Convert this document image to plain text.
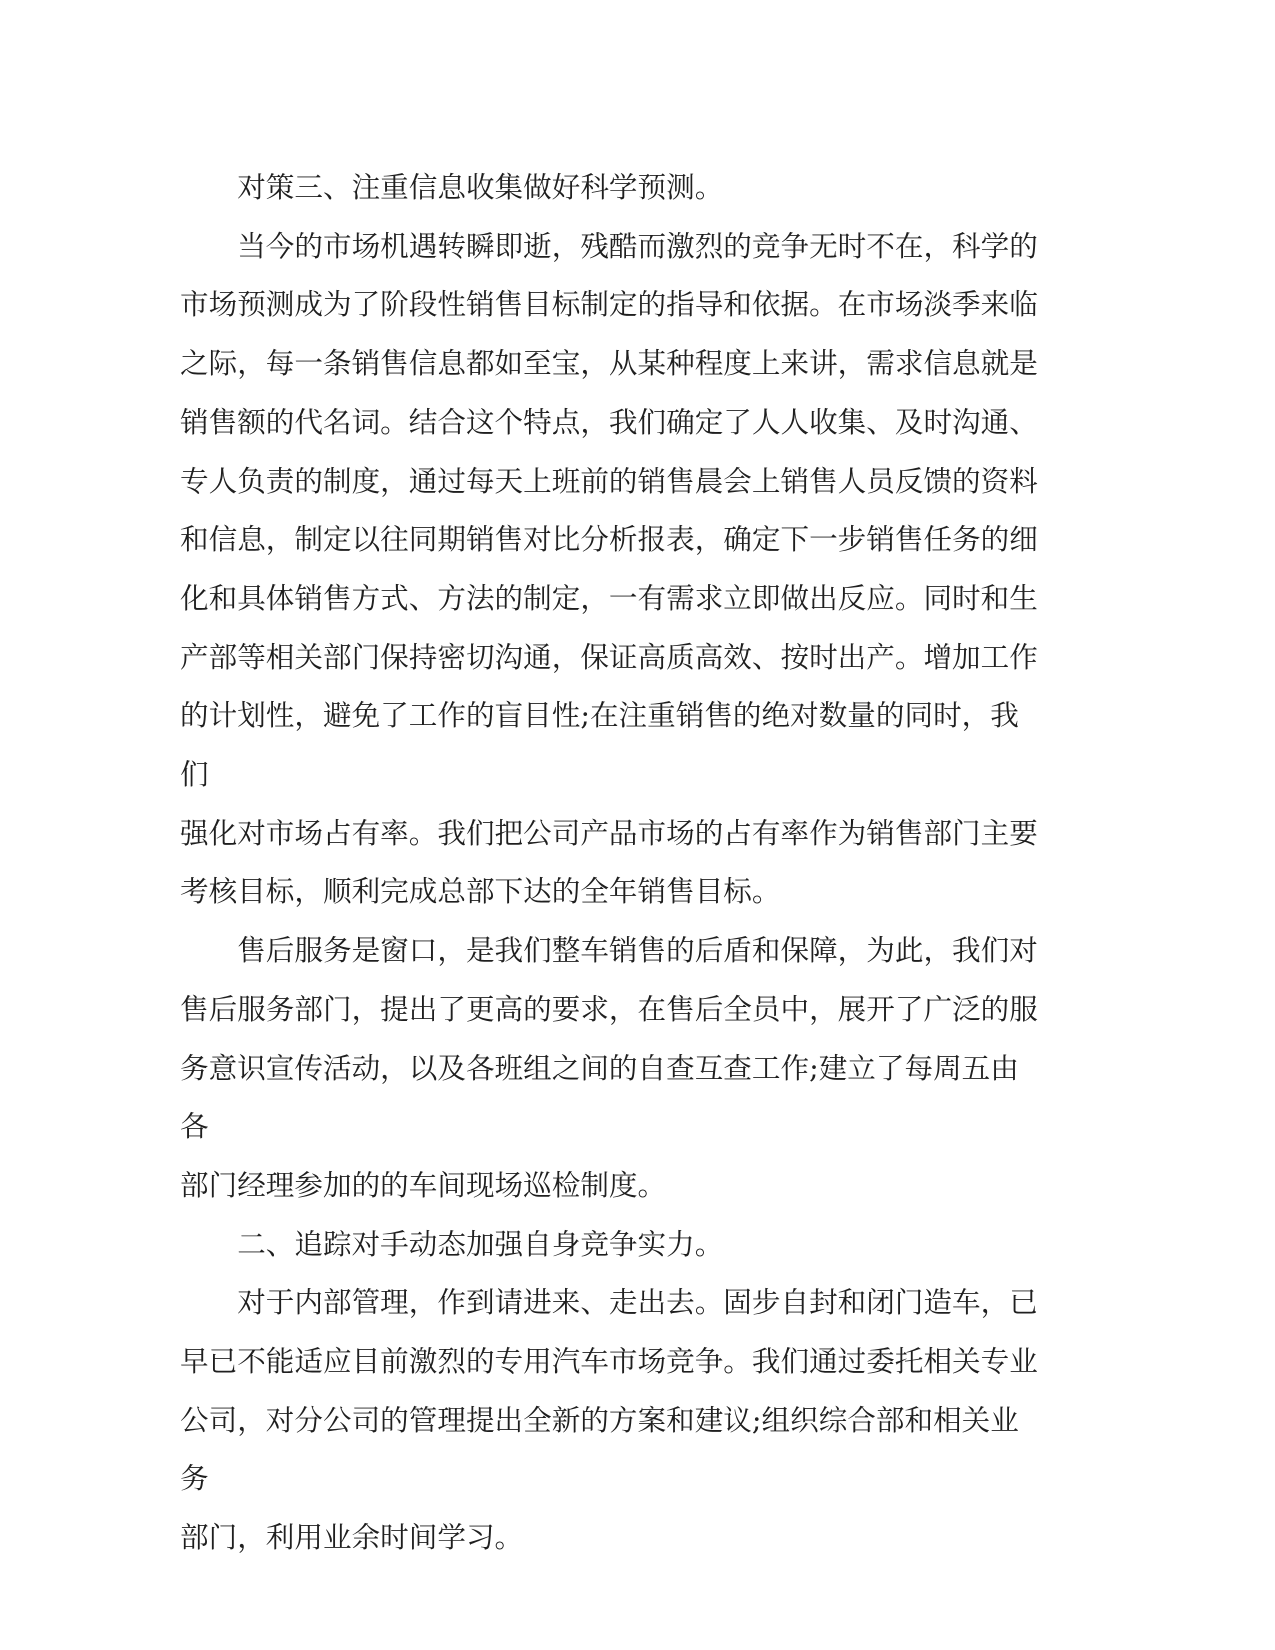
对策三、注重信息收集做好科学预测。

当今的市场机遇转瞬即逝，残酷而激烈的竞争无时不在，科学的
市场预测成为了阶段性销售目标制定的指导和依据。在市场淡季来临
之际，每一条销售信息都如至宝，从某种程度上来讲，需求信息就是
销售额的代名词。结合这个特点，我们确定了人人收集、及时沟通、
专人负责的制度，通过每天上班前的销售晨会上销售人员反馈的资料
和信息，制定以往同期销售对比分析报表，确定下一步销售任务的细
化和具体销售方式、方法的制定，一有需求立即做出反应。同时和生
产部等相关部门保持密切沟通，保证高质高效、按时出产。增加工作
的计划性，避免了工作的盲目性;在注重销售的绝对数量的同时，我们
强化对市场占有率。我们把公司产品市场的占有率作为销售部门主要
考核目标，顺利完成总部下达的全年销售目标。

售后服务是窗口，是我们整车销售的后盾和保障，为此，我们对
售后服务部门，提出了更高的要求，在售后全员中，展开了广泛的服
务意识宣传活动，以及各班组之间的自查互查工作;建立了每周五由各
部门经理参加的的车间现场巡检制度。

二、追踪对手动态加强自身竞争实力。

对于内部管理，作到请进来、走出去。固步自封和闭门造车，已
早已不能适应目前激烈的专用汽车市场竞争。我们通过委托相关专业
公司，对分公司的管理提出全新的方案和建议;组织综合部和相关业务
部门，利用业余时间学习。
